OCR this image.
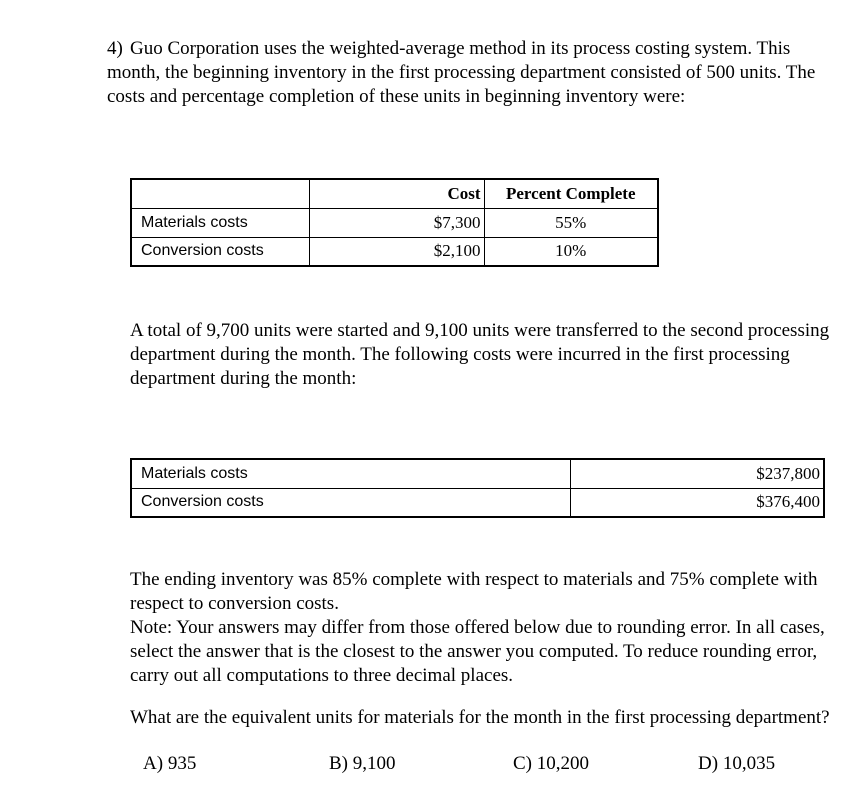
4) Guo Corporation uses the weighted-average method in its process costing system. This month, the beginning inventory in the first processing department consisted of 500 units. The costs and percentage completion of these units in beginning inventory were:

	Cost	Percent Complete
Materials costs	$7,300	55%
Conversion costs	$2,100	10%

A total of 9,700 units were started and 9,100 units were transferred to the second processing department during the month. The following costs were incurred in the first processing department during the month:

Materials costs	$237,800
Conversion costs	$376,400
The ending inventory was 85% complete with respect to materials and 75% complete with respect to conversion costs.
Note: Your answers may differ from those offered below due to rounding error. In all cases, select the answer that is the closest to the answer you computed. To reduce rounding error, carry out all computations to three decimal places.

What are the equivalent units for materials for the month in the first processing department?

A) 935	B) 9,100	C) 10,200	D) 10,035
